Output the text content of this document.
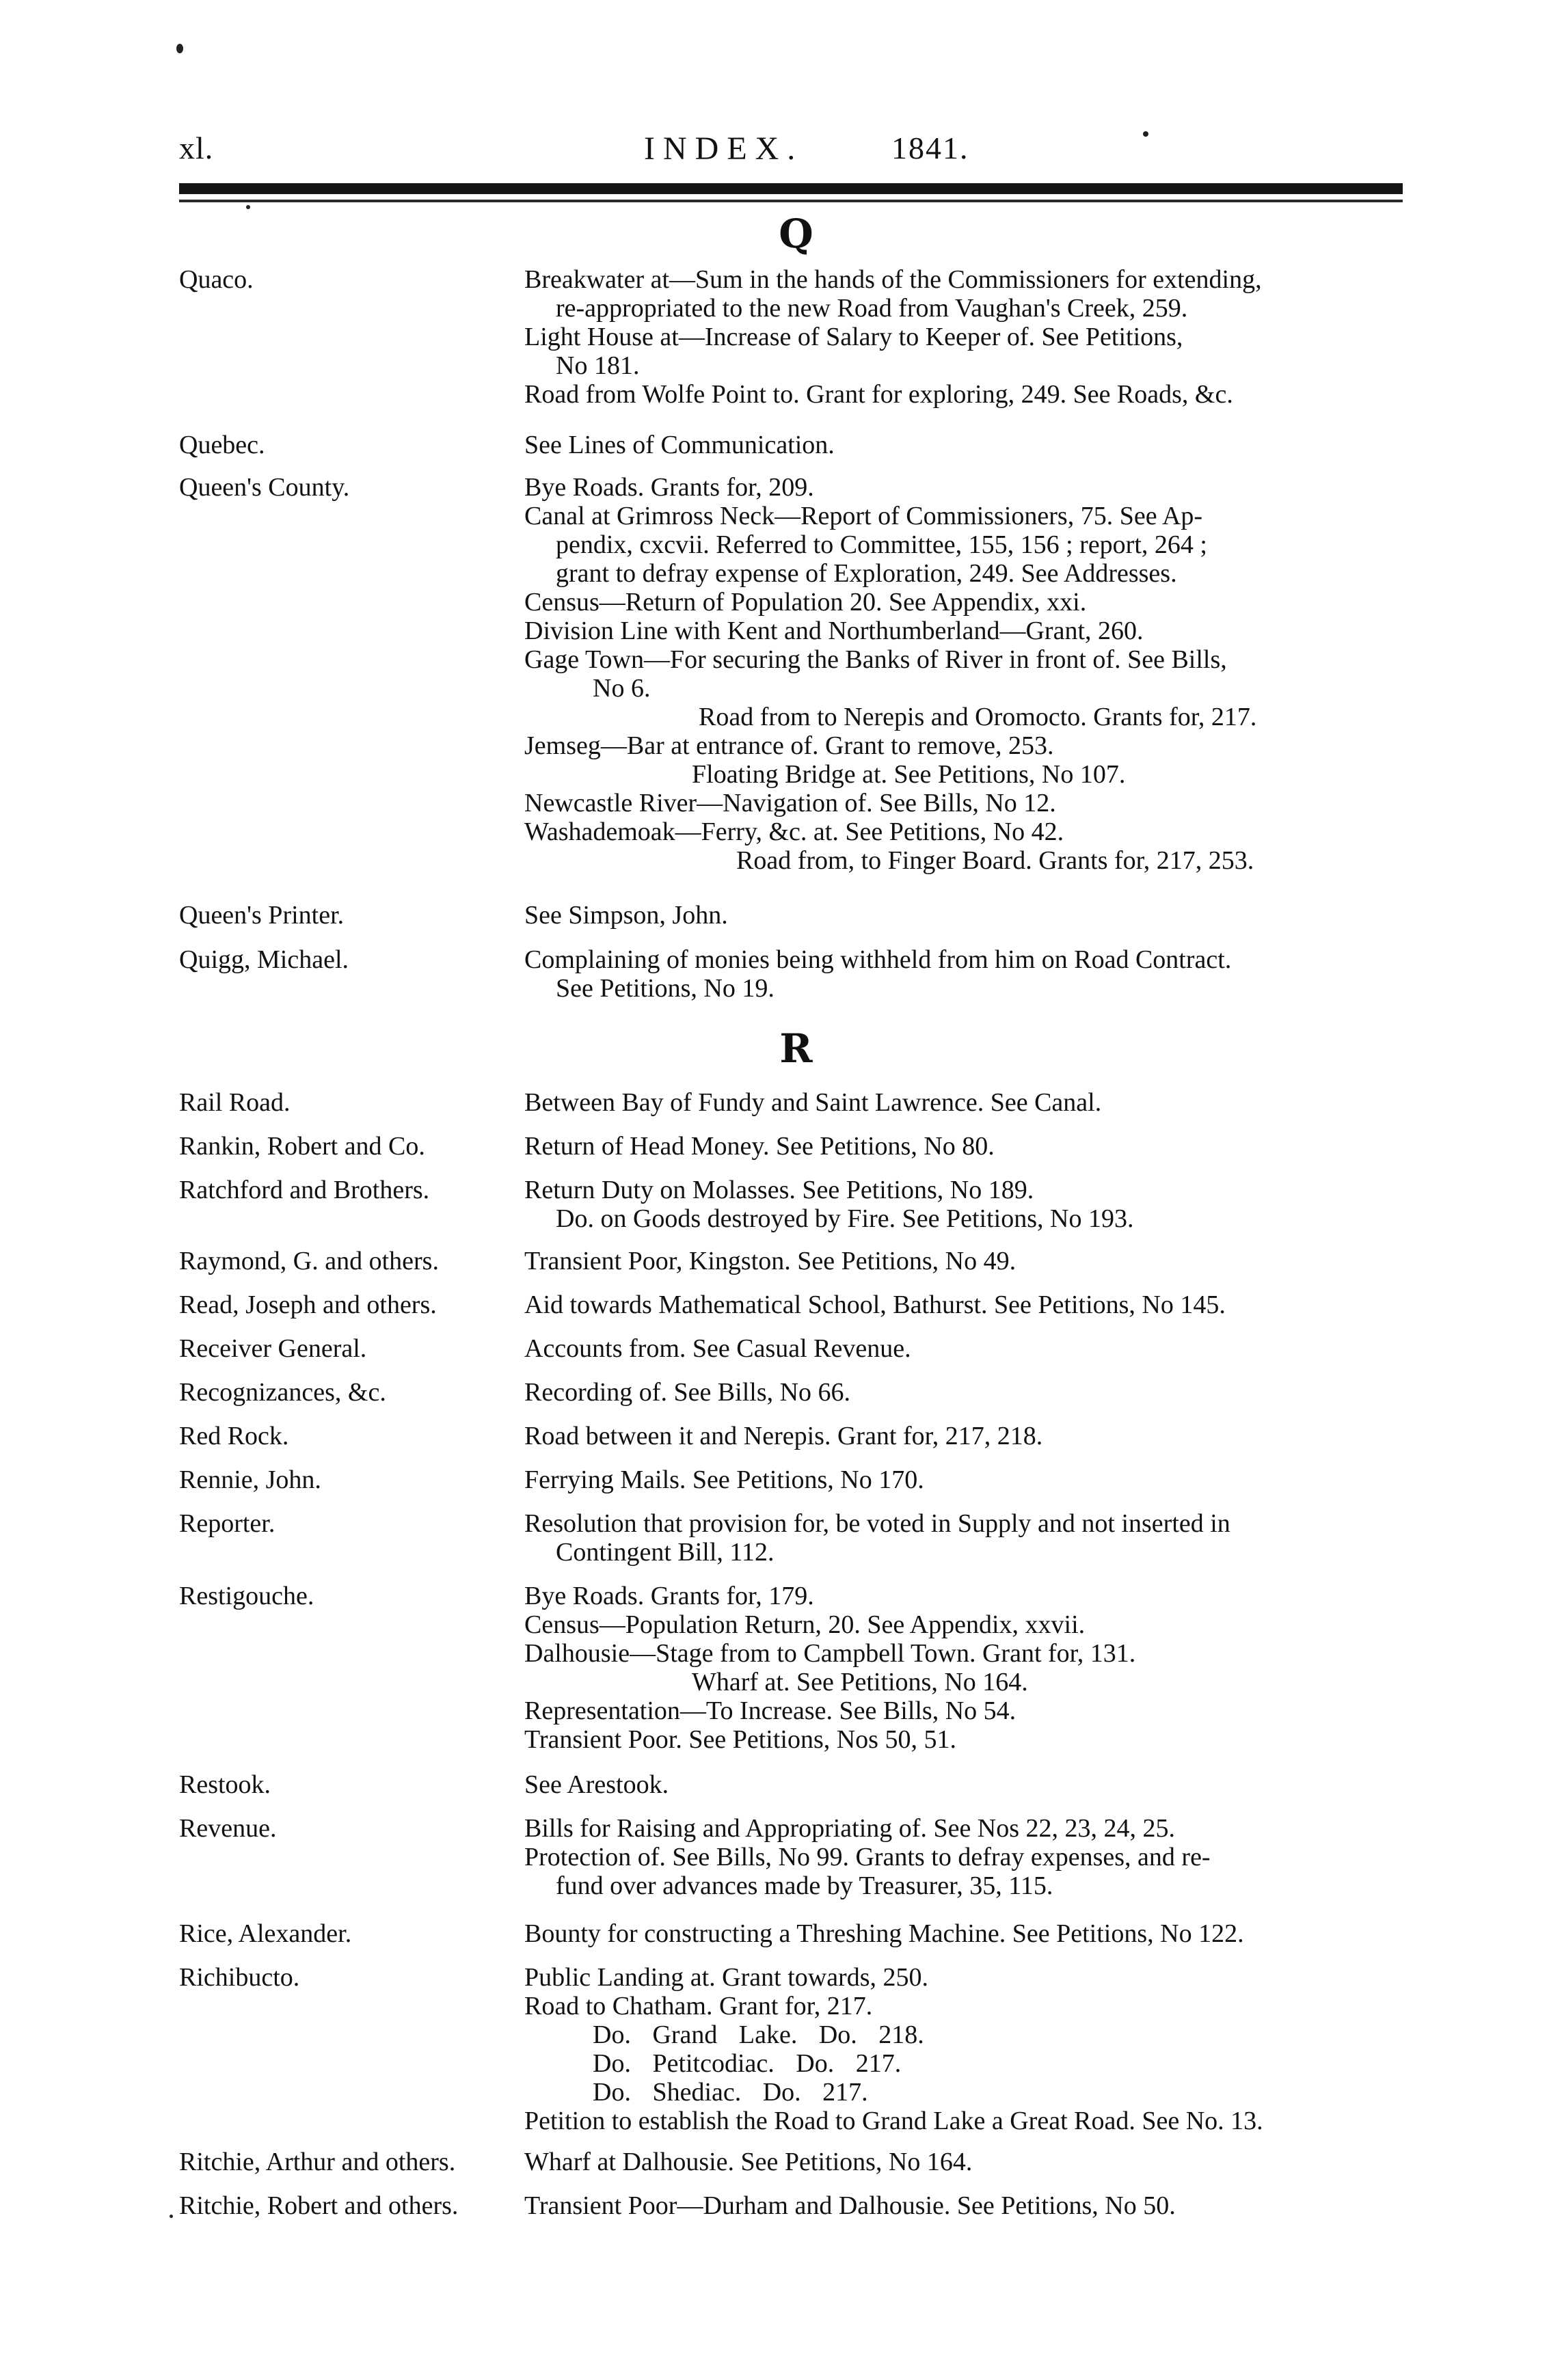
xl.	INDEX.	1841.
Q
Quaco.	Breakwater at—Sum in the hands of the Commissioners for extending,
re-appropriated to the new Road from Vaughan's Creek, 259.
Light House at—Increase of Salary to Keeper of. See Petitions,
No 181.
Road from Wolfe Point to. Grant for exploring, 249. See Roads, &c.
Quebec.	See Lines of Communication.
Queen's County.	Bye Roads. Grants for, 209.
Canal at Grimross Neck—Report of Commissioners, 75. See Ap-
pendix, cxcvii. Referred to Committee, 155, 156 ; report, 264 ;
grant to defray expense of Exploration, 249. See Addresses.
Census—Return of Population 20. See Appendix, xxi.
Division Line with Kent and Northumberland—Grant, 260.
Gage Town—For securing the Banks of River in front of. See Bills,
No 6.
Road from to Nerepis and Oromocto. Grants for, 217.
Jemseg—Bar at entrance of. Grant to remove, 253.
Floating Bridge at. See Petitions, No 107.
Newcastle River—Navigation of. See Bills, No 12.
Washademoak—Ferry, &c. at. See Petitions, No 42.
Road from, to Finger Board. Grants for, 217, 253.
Queen's Printer.	See Simpson, John.
Quigg, Michael.	Complaining of monies being withheld from him on Road Contract.
See Petitions, No 19.
R
Rail Road.	Between Bay of Fundy and Saint Lawrence. See Canal.
Rankin, Robert and Co.	Return of Head Money. See Petitions, No 80.
Ratchford and Brothers.	Return Duty on Molasses. See Petitions, No 189.
Do. on Goods destroyed by Fire. See Petitions, No 193.
Raymond, G. and others.	Transient Poor, Kingston. See Petitions, No 49.
Read, Joseph and others.	Aid towards Mathematical School, Bathurst. See Petitions, No 145.
Receiver General.	Accounts from. See Casual Revenue.
Recognizances, &c.	Recording of. See Bills, No 66.
Red Rock.	Road between it and Nerepis. Grant for, 217, 218.
Rennie, John.	Ferrying Mails. See Petitions, No 170.
Reporter.	Resolution that provision for, be voted in Supply and not inserted in
Contingent Bill, 112.
Restigouche.	Bye Roads. Grants for, 179.
Census—Population Return, 20. See Appendix, xxvii.
Dalhousie—Stage from to Campbell Town. Grant for, 131.
Wharf at. See Petitions, No 164.
Representation—To Increase. See Bills, No 54.
Transient Poor. See Petitions, Nos 50, 51.
Restook.	See Arestook.
Revenue.	Bills for Raising and Appropriating of. See Nos 22, 23, 24, 25.
Protection of. See Bills, No 99. Grants to defray expenses, and re-
fund over advances made by Treasurer, 35, 115.
Rice, Alexander.	Bounty for constructing a Threshing Machine. See Petitions, No 122.
Richibucto.	Public Landing at. Grant towards, 250.
Road to Chatham. Grant for, 217.
Do. Grand Lake. Do. 218.
Do. Petitcodiac. Do. 217.
Do. Shediac. Do. 217.
Petition to establish the Road to Grand Lake a Great Road. See No. 13.
Ritchie, Arthur and others.	Wharf at Dalhousie. See Petitions, No 164.
Ritchie, Robert and others.	Transient Poor—Durham and Dalhousie. See Petitions, No 50.
